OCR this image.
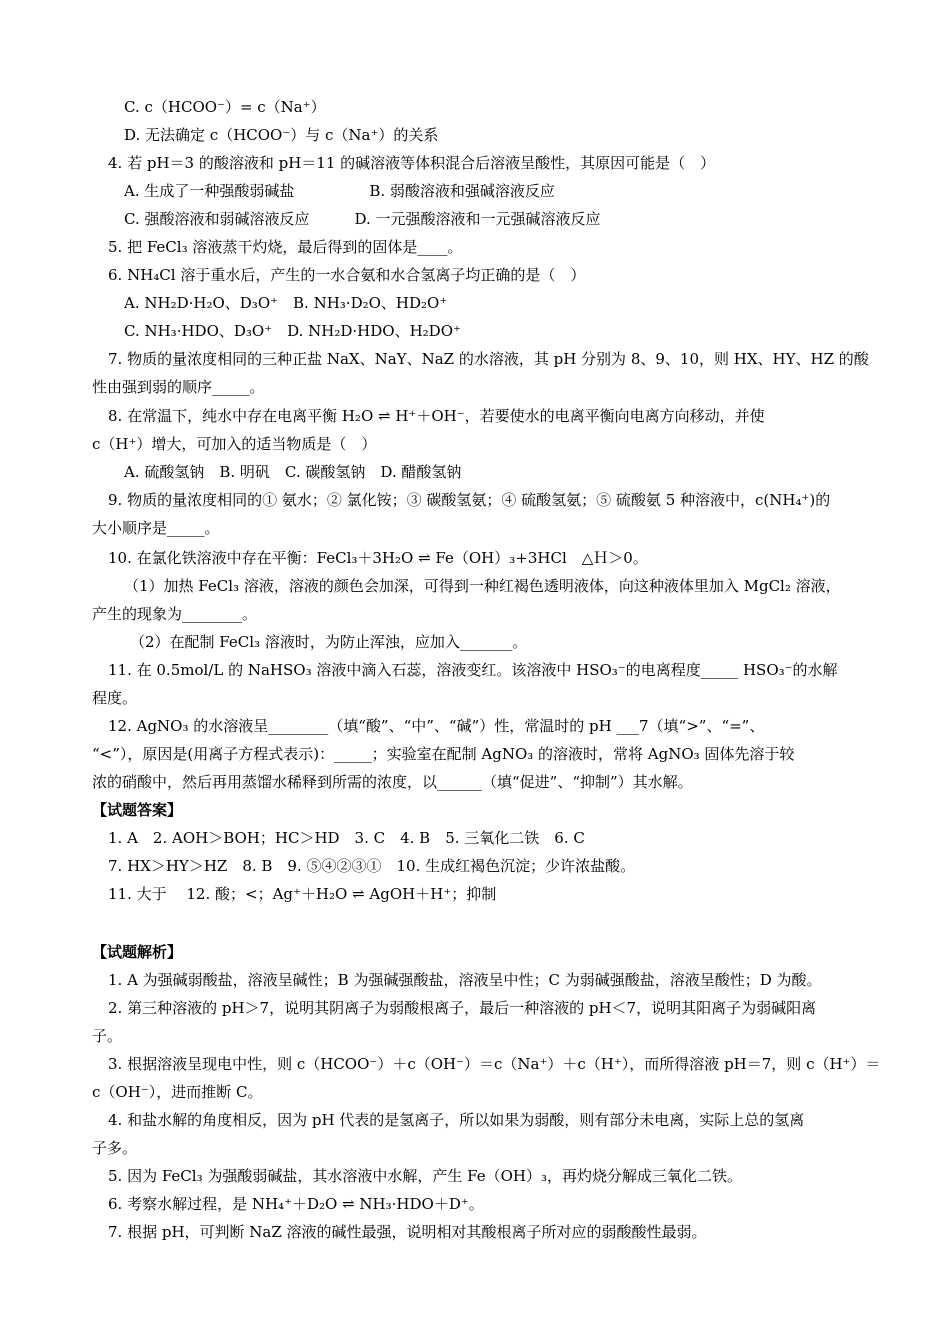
C. c（HCOO⁻）= c（Na⁺）
D. 无法确定 c（HCOO⁻）与 c（Na⁺）的关系
4. 若 pH＝3 的酸溶液和 pH＝11 的碱溶液等体积混合后溶液呈酸性，其原因可能是（　）
A. 生成了一种强酸弱碱盐　　　　　B. 弱酸溶液和强碱溶液反应
C. 强酸溶液和弱碱溶液反应　　　D. 一元强酸溶液和一元强碱溶液反应
5. 把 FeCl₃ 溶液蒸干灼烧，最后得到的固体是____。
6. NH₄Cl 溶于重水后，产生的一水合氨和水合氢离子均正确的是（　）
A. NH₂D·H₂O、D₃O⁺　B. NH₃·D₂O、HD₂O⁺
C. NH₃·HDO、D₃O⁺　D. NH₂D·HDO、H₂DO⁺
7. 物质的量浓度相同的三种正盐 NaX、NaY、NaZ 的水溶液，其 pH 分别为 8、9、10，则 HX、HY、HZ 的酸
性由强到弱的顺序_____。
8. 在常温下，纯水中存在电离平衡 H₂O ⇌ H⁺＋OH⁻，若要使水的电离平衡向电离方向移动，并使
c（H⁺）增大，可加入的适当物质是（　）
A. 硫酸氢钠　B. 明矾　C. 碳酸氢钠　D. 醋酸氢钠
9. 物质的量浓度相同的① 氨水；② 氯化铵；③ 碳酸氢氨；④ 硫酸氢氨；⑤ 硫酸氨 5 种溶液中，c(NH₄⁺)的
大小顺序是_____。
10. 在氯化铁溶液中存在平衡：FeCl₃＋3H₂O ⇌ Fe（OH）₃+3HCl　△Ｈ＞0。
（1）加热 FeCl₃ 溶液，溶液的颜色会加深，可得到一种红褐色透明液体，向这种液体里加入 MgCl₂ 溶液，
产生的现象为________。
（2）在配制 FeCl₃ 溶液时，为防止浑浊，应加入_______。
11. 在 0.5mol/L 的 NaHSO₃ 溶液中滴入石蕊，溶液变红。该溶液中 HSO₃⁻的电离程度_____ HSO₃⁻的水解
程度。
12. AgNO₃ 的水溶液呈________（填“酸”、“中”、“碱”）性，常温时的 pH ___7（填“>”、“=”、
“<”），原因是(用离子方程式表示)：_____；实验室在配制 AgNO₃ 的溶液时，常将 AgNO₃ 固体先溶于较
浓的硝酸中，然后再用蒸馏水稀释到所需的浓度，以______（填“促进”、“抑制”）其水解。
【试题答案】
1. A　2. AOH＞BOH；HC＞HD　3. C　4. B　5. 三氧化二铁　6. C
7. HX＞HY＞HZ　8. B　9. ⑤④②③①　10. 生成红褐色沉淀；少许浓盐酸。
11. 大于　 12. 酸；<；Ag⁺＋H₂O ⇌ AgOH＋H⁺；抑制
【试题解析】
1. A 为强碱弱酸盐，溶液呈碱性；B 为强碱强酸盐，溶液呈中性；C 为弱碱强酸盐，溶液呈酸性；D 为酸。
2. 第三种溶液的 pH＞7，说明其阴离子为弱酸根离子，最后一种溶液的 pH＜7，说明其阳离子为弱碱阳离
子。
3. 根据溶液呈现电中性，则 c（HCOO⁻）＋c（OH⁻）＝c（Na⁺）＋c（H⁺），而所得溶液 pH＝7，则 c（H⁺）＝
c（OH⁻），进而推断 C。
4. 和盐水解的角度相反，因为 pH 代表的是氢离子，所以如果为弱酸，则有部分未电离，实际上总的氢离
子多。
5. 因为 FeCl₃ 为强酸弱碱盐，其水溶液中水解，产生 Fe（OH）₃，再灼烧分解成三氧化二铁。
6. 考察水解过程，是 NH₄⁺＋D₂O ⇌ NH₃·HDO＋D⁺。
7. 根据 pH，可判断 NaZ 溶液的碱性最强，说明相对其酸根离子所对应的弱酸酸性最弱。
